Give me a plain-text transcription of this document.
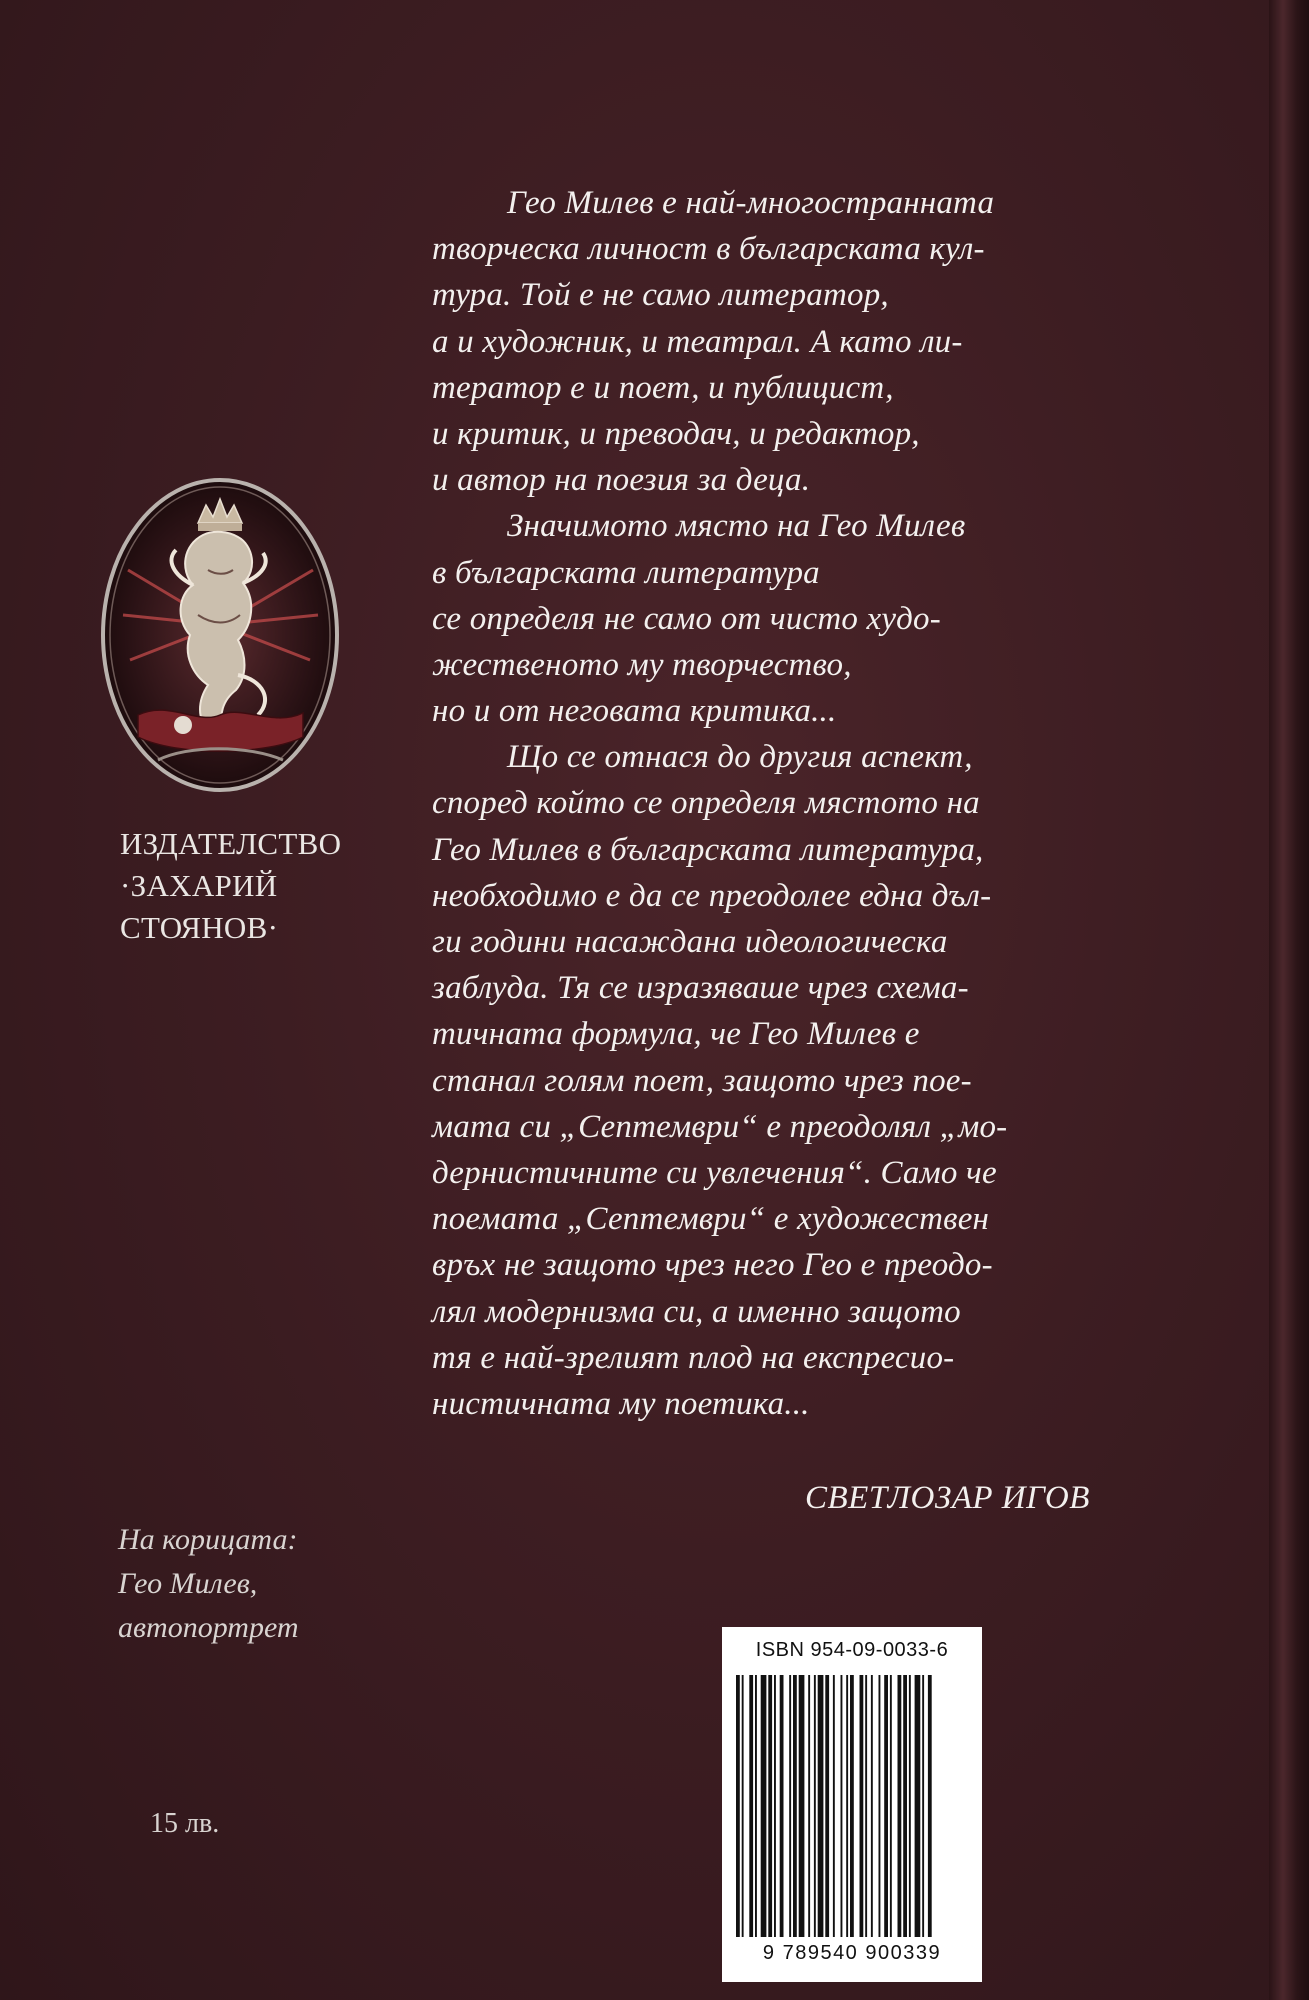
ИЗДАТЕЛСТВО
·ЗАХАРИЙ
СТОЯНОВ·
Гео Милев е най-многостранната
творческа личност в българската кул-
тура. Той е не само литератор,
а и художник, и театрал. А като ли-
тератор е и поет, и публицист,
и критик, и преводач, и редактор,
и автор на поезия за деца.
Значимото място на Гео Милев
в българската литература
се определя не само от чисто худо-
жественото му творчество,
но и от неговата критика...
Що се отнася до другия аспект,
според който се определя мястото на
Гео Милев в българската литература,
необходимо е да се преодолее една дъл-
ги години насаждана идеологическа
заблуда. Тя се изразяваше чрез схема-
тичната формула, че Гео Милев е
станал голям поет, защото чрез пое-
мата си „Септември“ е преодолял „мо-
дернистичните си увлечения“. Само че
поемата „Септември“ е художествен
връх не защото чрез него Гео е преодо-
лял модернизма си, а именно защото
тя е най-зрелият плод на експресио-
нистичната му поетика...
СВЕТЛОЗАР ИГОВ
На корицата:
Гео Милев,
автопортрет
15 лв.
ISBN 954-09-0033-6
9 789540 900339
